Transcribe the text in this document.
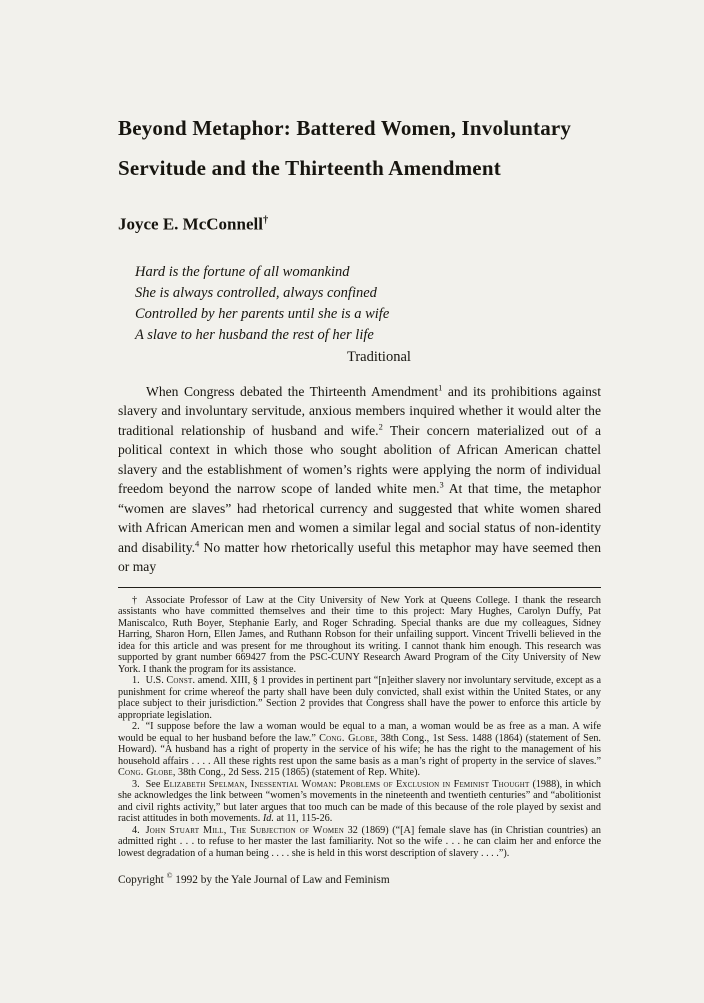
Beyond Metaphor: Battered Women, Involuntary
Servitude and the Thirteenth Amendment
Joyce E. McConnell†
Hard is the fortune of all womankind
She is always controlled, always confined
Controlled by her parents until she is a wife
A slave to her husband the rest of her life
Traditional

When Congress debated the Thirteenth Amendment$^1$ and its prohibitions against slavery and involuntary servitude, anxious members inquired whether it would alter the traditional relationship of husband and wife.$^2$ Their concern materialized out of a political context in which those who sought abolition of African American chattel slavery and the establishment of women’s rights were applying the norm of individual freedom beyond the narrow scope of landed white men.$^3$ At that time, the metaphor “women are slaves” had rhetorical currency and suggested that white women shared with African American men and women a similar legal and social status of non-identity and disability.$^4$ No matter how rhetorically useful this metaphor may have seemed then or may

† Associate Professor of Law at the City University of New York at Queens College. I thank the research assistants who have committed themselves and their time to this project: Mary Hughes, Carolyn Duffy, Pat Maniscalco, Ruth Boyer, Stephanie Early, and Roger Schrading. Special thanks are due my colleagues, Sidney Harring, Sharon Horn, Ellen James, and Ruthann Robson for their unfailing support. Vincent Trivelli believed in the idea for this article and was present for me throughout its writing. I cannot thank him enough. This research was supported by grant number 669427 from the PSC-CUNY Research Award Program of the City University of New York. I thank the program for its assistance.

1. U.S. Const. amend. XIII, § 1 provides in pertinent part “[n]either slavery nor involuntary servitude, except as a punishment for crime whereof the party shall have been duly convicted, shall exist within the United States, or any place subject to their jurisdiction.” Section 2 provides that Congress shall have the power to enforce this article by appropriate legislation.

2. “I suppose before the law a woman would be equal to a man, a woman would be as free as a man. A wife would be equal to her husband before the law.” Cong. Globe, 38th Cong., 1st Sess. 1488 (1864) (statement of Sen. Howard). “A husband has a right of property in the service of his wife; he has the right to the management of his household affairs . . . . All these rights rest upon the same basis as a man’s right of property in the service of slaves.” Cong. Globe, 38th Cong., 2d Sess. 215 (1865) (statement of Rep. White).

3. See Elizabeth Spelman, Inessential Woman: Problems of Exclusion in Feminist Thought (1988), in which she acknowledges the link between “women’s movements in the nineteenth and twentieth centuries” and “abolitionist and civil rights activity,” but later argues that too much can be made of this because of the role played by sexist and racist attitudes in both movements. Id. at 11, 115-26.

4. John Stuart Mill, The Subjection of Women 32 (1869) (“[A] female slave has (in Christian countries) an admitted right . . . to refuse to her master the last familiarity. Not so the wife . . . he can claim her and enforce the lowest degradation of a human being . . . . she is held in this worst description of slavery . . . .”).

Copyright © 1992 by the Yale Journal of Law and Feminism
